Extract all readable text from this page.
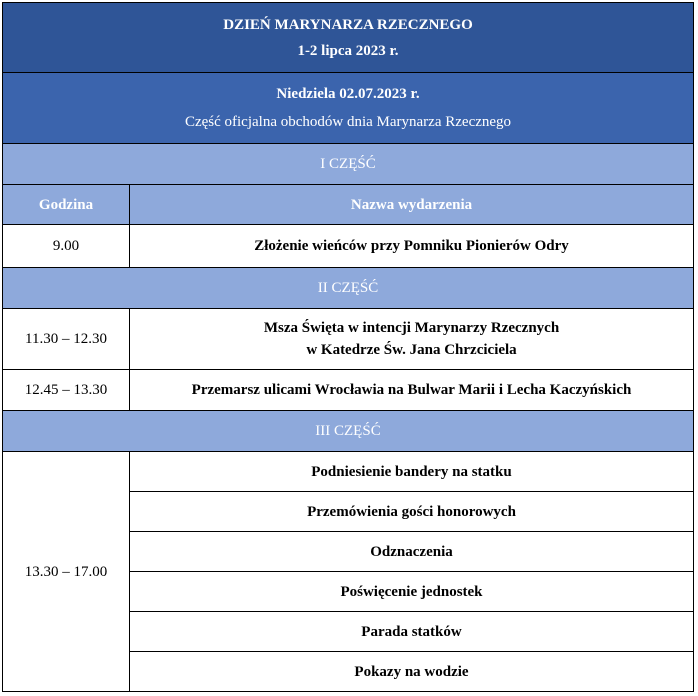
DZIEŃ MARYNARZA RZECZNEGO
1-2 lipca 2023 r.	

Niedziela 02.07.2023 r.
Część oficjalna obchodów dnia Marynarza Rzecznego	

I CZĘŚĆ	
Godzina	Nazwa wydarzenia
9.00	Złożenie wieńców przy Pomniku Pionierów Odry
II CZĘŚĆ	
11.30 – 12.30	Msza Święta w intencji Marynarzy Rzecznych
w Katedrze Św. Jana Chrzciciela

12.45 – 13.30	Przemarsz ulicami Wrocławia na Bulwar Marii i Lecha Kaczyńskich
III CZĘŚĆ	
13.30 – 17.00	Podniesienie bandery na statku
	Przemówienia gości honorowych
	Odznaczenia
	Poświęcenie jednostek
	Parada statków
	Pokazy na wodzie
